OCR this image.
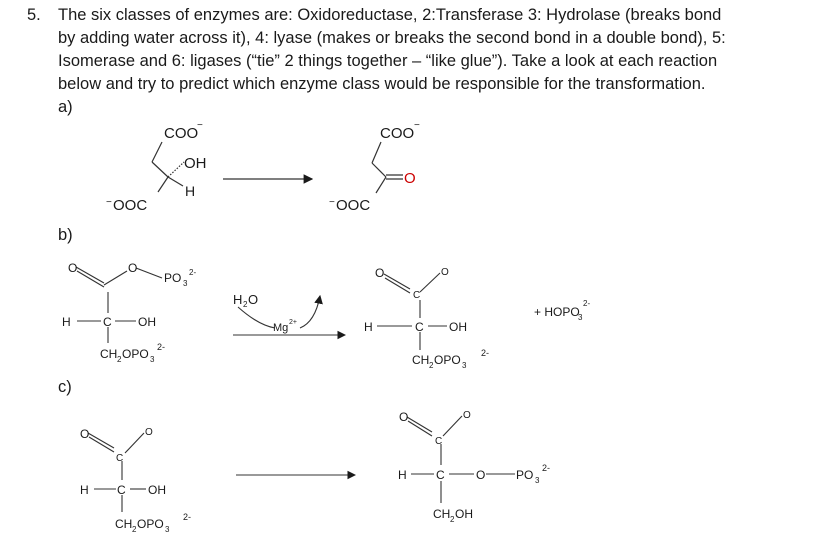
5. The six classes of enzymes are: Oxidoreductase, 2:Transferase 3: Hydrolase (breaks bond
by adding water across it), 4: lyase (makes or breaks the second bond in a double bond), 5:
Isomerase and 6: ligases (“tie” 2 things together – “like glue”). Take a look at each reaction
below and try to predict which enzyme class would be responsible for the transformation.
a)
b)
c)
COO
−
OH
H
− OOC
COO −
O
− OOC
O	O
PO 3
2-
H	C OH
CH 2 OPO 3
2-
H 2 O
Mg 2+
O
C
O
H	C OH
CH 2 OPO 3
2-
+ HOPO
3
2-
O
C
O
H C OH
CH 2 OPO 3
2-
O
C
O
H C	O	PO 3
2-
CH 2 OH
